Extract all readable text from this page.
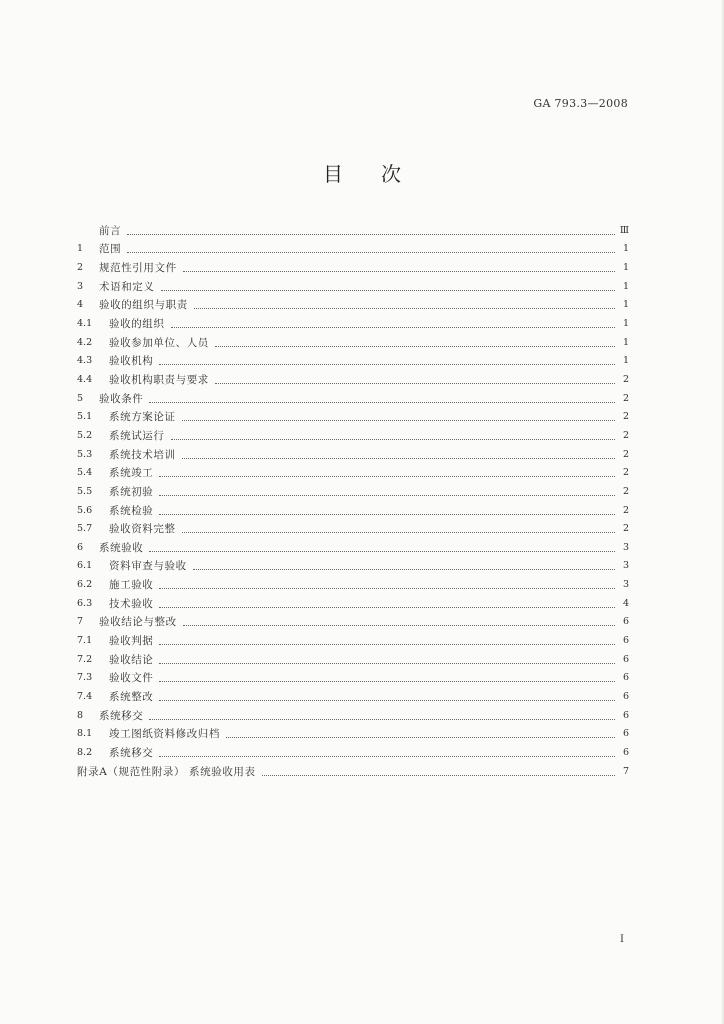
GA 793.3—2008
目次
前言	Ⅲ
1	范围	1
2	规范性引用文件	1
3	术语和定义	1
4	验收的组织与职责	1
4.1	验收的组织	1
4.2	验收参加单位、人员	1
4.3	验收机构	1
4.4	验收机构职责与要求	2
5	验收条件	2
5.1	系统方案论证	2
5.2	系统试运行	2
5.3	系统技术培训	2
5.4	系统竣工	2
5.5	系统初验	2
5.6	系统检验	2
5.7	验收资料完整	2
6	系统验收	3
6.1	资料审查与验收	3
6.2	施工验收	3
6.3	技术验收	4
7	验收结论与整改	6
7.1	验收判据	6
7.2	验收结论	6
7.3	验收文件	6
7.4	系统整改	6
8	系统移交	6
8.1	竣工图纸资料修改归档	6
8.2	系统移交	6
附录A（规范性附录） 系统验收用表	7
I
